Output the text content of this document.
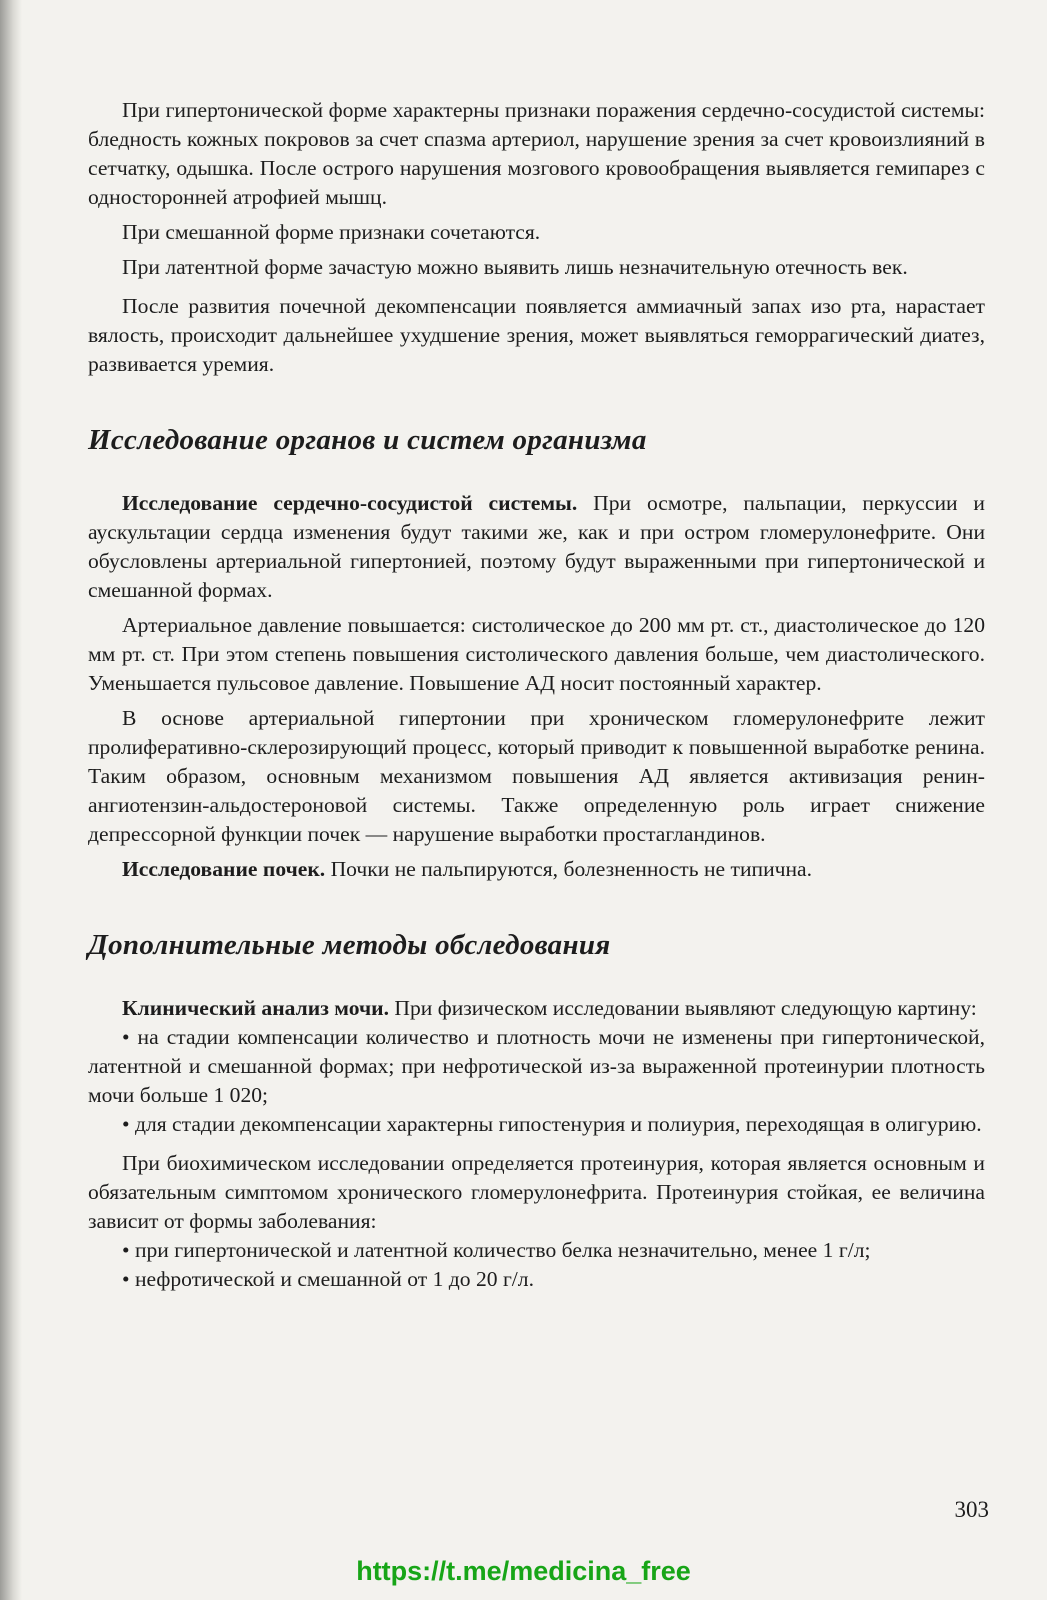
При гипертонической форме характерны признаки поражения сердечно-сосудистой системы: бледность кожных покровов за счет спазма артериол, нарушение зрения за счет кровоизлияний в сетчатку, одышка. После острого нарушения мозгового кровообращения выявляется гемипарез с односторонней атрофией мышц.

При смешанной форме признаки сочетаются.

При латентной форме зачастую можно выявить лишь незначительную отечность век.

После развития почечной декомпенсации появляется аммиачный запах изо рта, нарастает вялость, происходит дальнейшее ухудшение зрения, может выявляться геморрагический диатез, развивается уремия.

Исследование органов и систем организма

Исследование сердечно-сосудистой системы. При осмотре, пальпации, перкуссии и аускультации сердца изменения будут такими же, как и при остром гломерулонефрите. Они обусловлены артериальной гипертонией, поэтому будут выраженными при гипертонической и смешанной формах.

Артериальное давление повышается: систолическое до 200 мм рт. ст., диастолическое до 120 мм рт. ст. При этом степень повышения систолического давления больше, чем диастолического. Уменьшается пульсовое давление. Повышение АД носит постоянный характер.

В основе артериальной гипертонии при хроническом гломерулонефрите лежит пролиферативно-склерозирующий процесс, который приводит к повышенной выработке ренина. Таким образом, основным механизмом повышения АД является активизация ренин-ангиотензин-альдостероновой системы. Также определенную роль играет снижение депрессорной функции почек — нарушение выработки простагландинов.

Исследование почек. Почки не пальпируются, болезненность не типична.

Дополнительные методы обследования

Клинический анализ мочи. При физическом исследовании выявляют следующую картину:

• на стадии компенсации количество и плотность мочи не изменены при гипертонической, латентной и смешанной формах; при нефротической из-за выраженной протеинурии плотность мочи больше 1 020;

• для стадии декомпенсации характерны гипостенурия и полиурия, переходящая в олигурию.

При биохимическом исследовании определяется протеинурия, которая является основным и обязательным симптомом хронического гломерулонефрита. Протеинурия стойкая, ее величина зависит от формы заболевания:

• при гипертонической и латентной количество белка незначительно, менее 1 г/л;

• нефротической и смешанной от 1 до 20 г/л.

303
https://t.me/medicina_free
